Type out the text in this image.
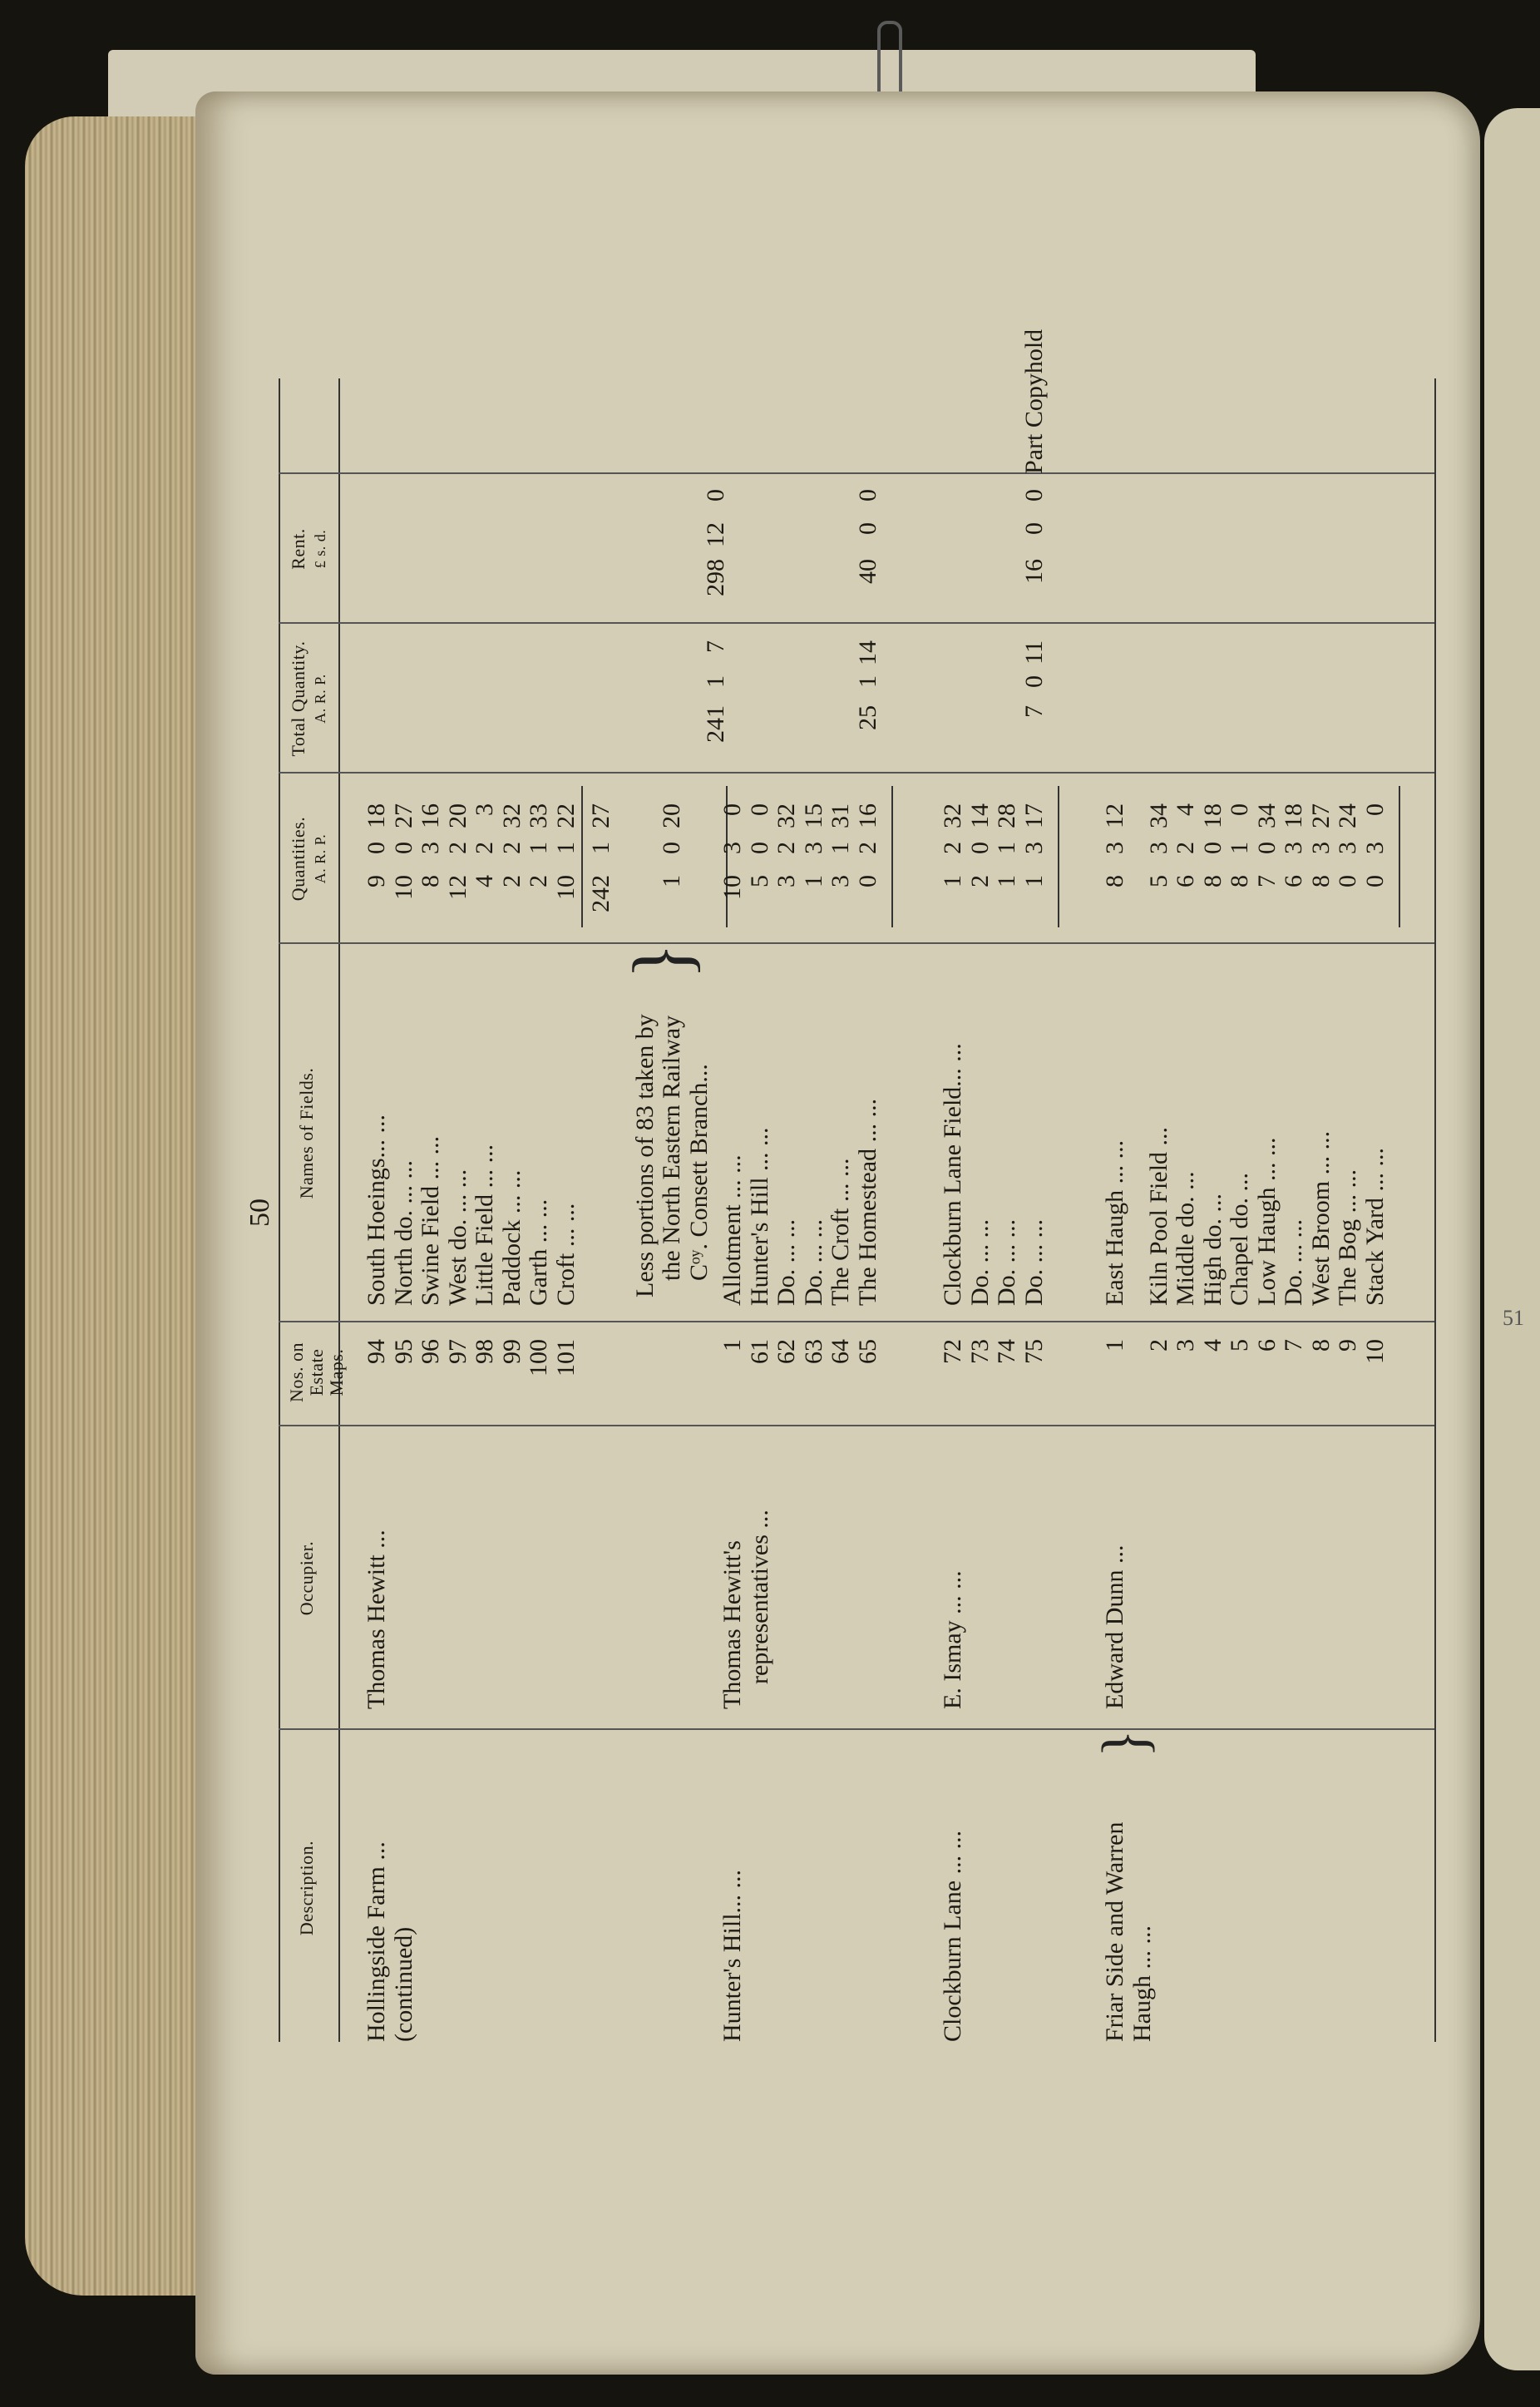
51
50
Description.
Occupier.
Nos. on Estate Maps.
Names of Fields.
Quantities. A. R. P.
Total Quantity. A. R. P.
Rent. £ s. d.
Hollingside Farm ... (continued)
Thomas Hewitt ...
94
South Hoeings... ...
9
0
18
95
North do. ... ...
10
0
27
96
Swine Field ... ...
8
3
16
97
West do. ... ...
12
2
20
98
Little Field ... ...
4
2
3
99
Paddock ... ...
2
2
32
100
Garth ... ...
2
1
33
101
Croft ... ...
10
1
22
242
1
27
Less portions of 83 taken by the North Eastern Railway Cᵒʸ. Consett Branch...
}
1
0
20
241
1
7
298
12
0
Hunter's Hill... ...
Thomas Hewitt's representatives ...
1
Allotment ... ...
10
3
0
61
Hunter's Hill ... ...
5
0
0
62
Do. ... ...
3
2
32
63
Do. ... ...
1
3
15
64
The Croft ... ...
3
1
31
65
The Homestead ... ...
0
2
16
25
1
14
40
0
0
Clockburn Lane ... ...
E. Ismay ... ...
72
Clockburn Lane Field... ...
1
2
32
73
Do. ... ...
2
0
14
74
Do. ... ...
1
1
28
75
Do. ... ...
1
3
17
7
0
11
16
0
0
Friar Side and Warren Haugh ... ...
Edward Dunn ...
1
East Haugh ... ...
8
3
12
2
Kiln Pool Field ...
5
3
34
3
Middle do. ...
6
2
4
4
High do. ...
8
0
18
5
Chapel do. ...
8
1
0
6
Low Haugh ... ...
7
0
34
7
Do. ... ...
6
3
18
8
West Broom ... ...
8
3
27
9
The Bog ... ...
0
3
24
10
Stack Yard ... ...
0
3
0
}
Part Copyhold
